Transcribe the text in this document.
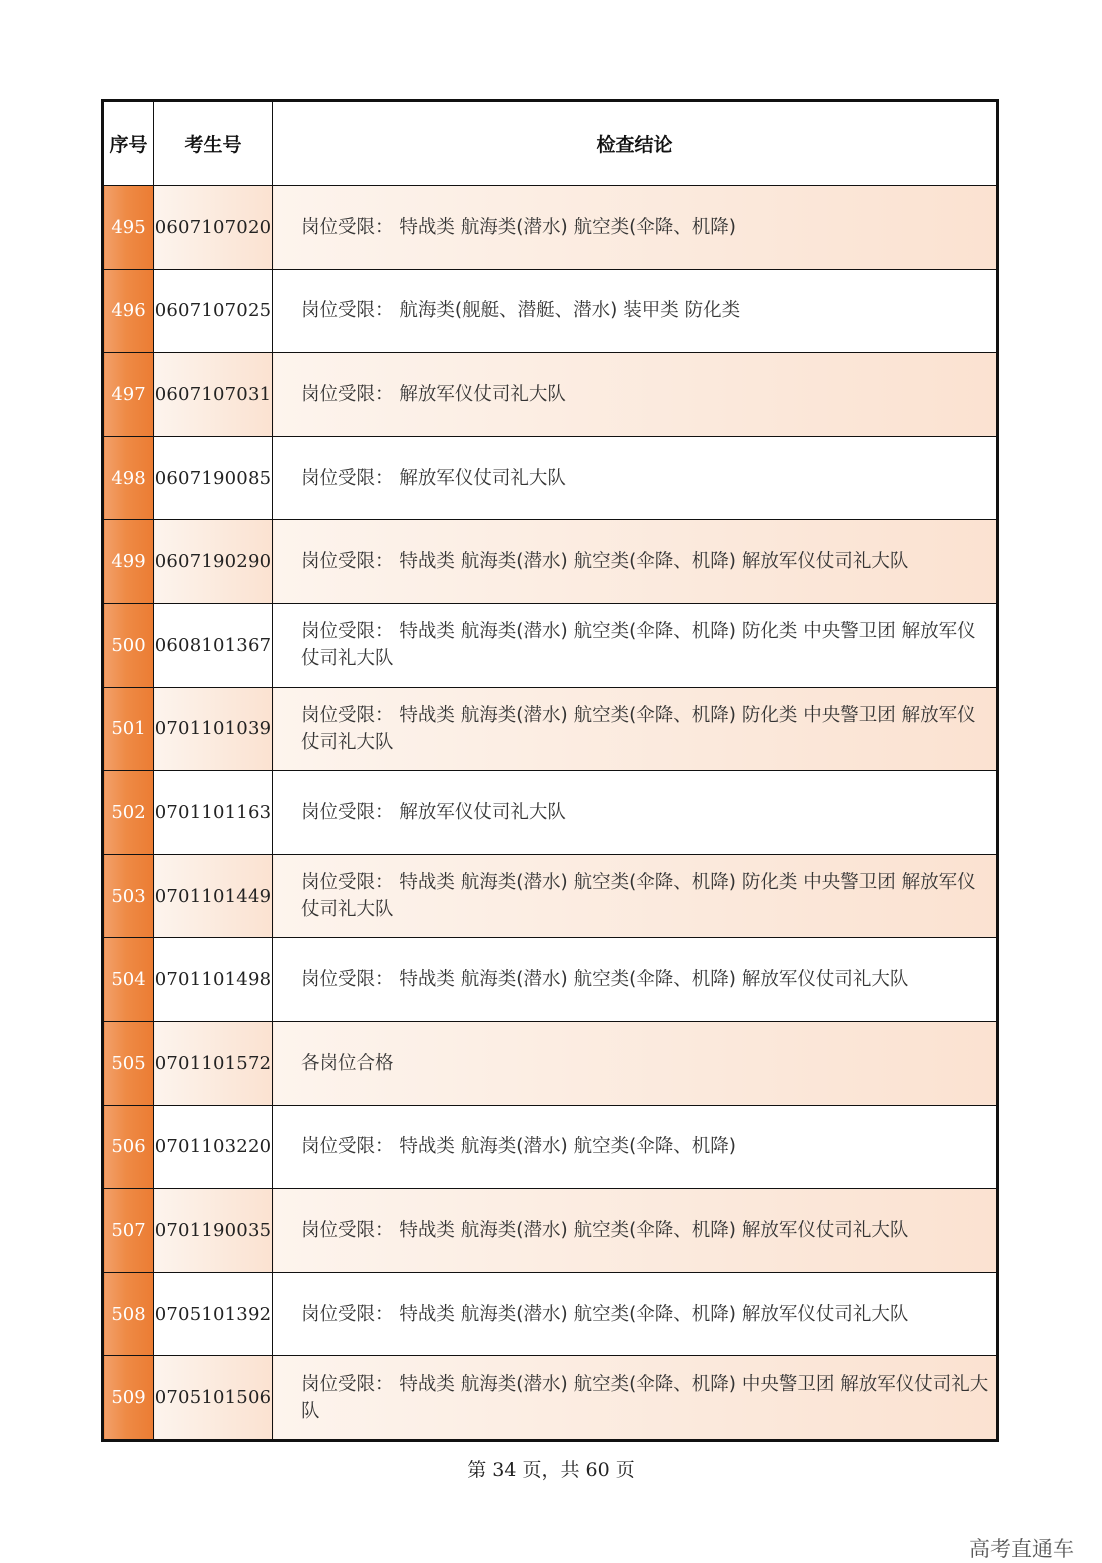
序号	考生号	检查结论
495	0607107020	岗位受限： 特战类 航海类(潜水) 航空类(伞降、机降)
496	0607107025	岗位受限： 航海类(舰艇、潜艇、潜水) 装甲类 防化类
497	0607107031	岗位受限： 解放军仪仗司礼大队
498	0607190085	岗位受限： 解放军仪仗司礼大队
499	0607190290	岗位受限： 特战类 航海类(潜水) 航空类(伞降、机降) 解放军仪仗司礼大队
500	0608101367	岗位受限： 特战类 航海类(潜水) 航空类(伞降、机降) 防化类 中央警卫团 解放军仪仗司礼大队
501	0701101039	岗位受限： 特战类 航海类(潜水) 航空类(伞降、机降) 防化类 中央警卫团 解放军仪仗司礼大队
502	0701101163	岗位受限： 解放军仪仗司礼大队
503	0701101449	岗位受限： 特战类 航海类(潜水) 航空类(伞降、机降) 防化类 中央警卫团 解放军仪仗司礼大队
504	0701101498	岗位受限： 特战类 航海类(潜水) 航空类(伞降、机降) 解放军仪仗司礼大队
505	0701101572	各岗位合格
506	0701103220	岗位受限： 特战类 航海类(潜水) 航空类(伞降、机降)
507	0701190035	岗位受限： 特战类 航海类(潜水) 航空类(伞降、机降) 解放军仪仗司礼大队
508	0705101392	岗位受限： 特战类 航海类(潜水) 航空类(伞降、机降) 解放军仪仗司礼大队
509	0705101506	岗位受限： 特战类 航海类(潜水) 航空类(伞降、机降) 中央警卫团 解放军仪仗司礼大队
第 34 页，共 60 页
高考直通车
